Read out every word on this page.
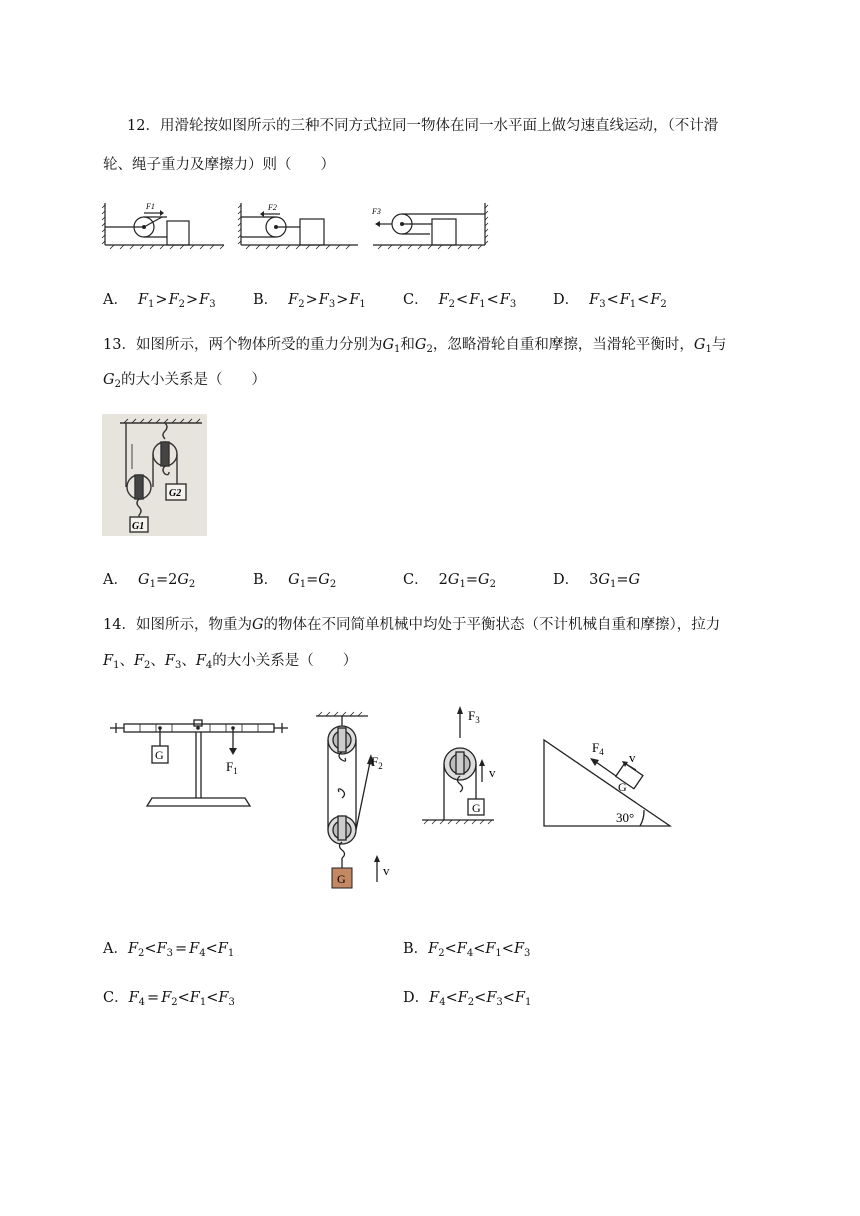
12．用滑轮按如图所示的三种不同方式拉同一物体在同一水平面上做匀速直线运动，（不计滑
轮、绳子重力及摩擦力）则（　　）
F1	F2	F3
A． $F_1>F_2>F_3$	B． $F_2>F_3>F_1$	C． $F_2<F_1<F_3$	D． $F_3<F_1<F_2$
13．如图所示，两个物体所受的重力分别为$G_1$和$G_2$，忽略滑轮自重和摩擦，当滑轮平衡时，$G_1$与
$G_2$的大小关系是（　　）
G2
G1
A． $G_1=2G_2$	B． $G_1=G_2$	C． $2G_1=G_2$	D． $3G_1=G$
14．如图所示，物重为G的物体在不同简单机械中均处于平衡状态（不计机械自重和摩擦），拉力
$F_1$、$F_2$、$F_3$、$F_4$的大小关系是（　　）
G
$F_1$
G
$F_2$
v
$F_3$
G
v
$F_4$ v
G
30°
A．$F_2<F_3 = F_4<F_1$	B．$F_2<F_4<F_1<F_3$
C．$F_4 = F_2<F_1<F_3$	D．$F_4<F_2<F_3<F_1$
